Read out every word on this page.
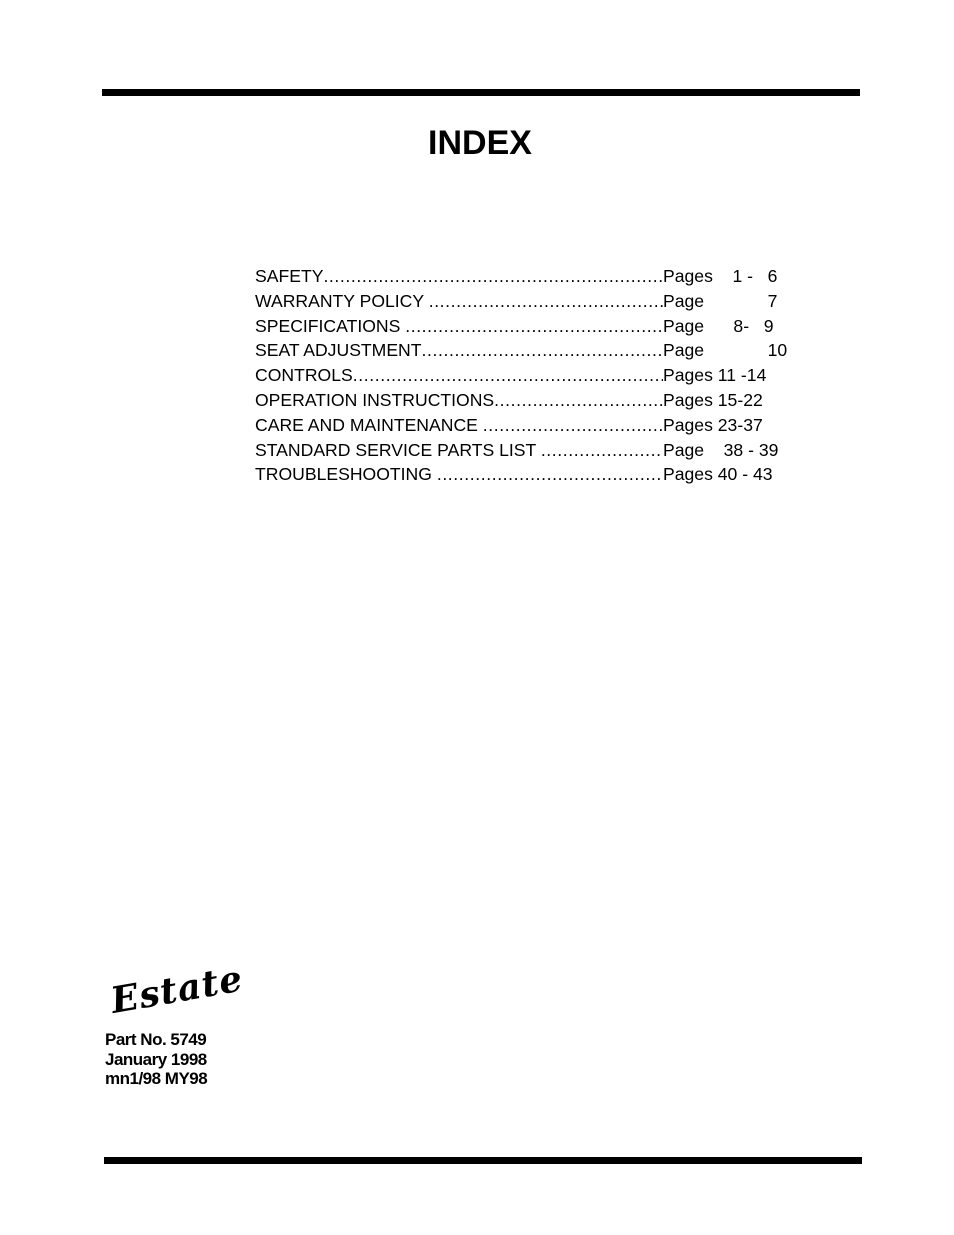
INDEX
SAFETY .....	Pages    1 -   6
WARRANTY POLICY .....	Page             7
SPECIFICATIONS .....	Page      8-   9
SEAT ADJUSTMENT .....	Page             10
CONTROLS .....	Pages 11 -14
OPERATION INSTRUCTIONS .....	Pages 15-22
CARE AND MAINTENANCE .....	Pages 23-37
STANDARD SERVICE PARTS LIST .....	Page    38 - 39
TROUBLESHOOTING .....	Pages 40 - 43
Estate
Part No. 5749
January 1998
mn1/98 MY98
